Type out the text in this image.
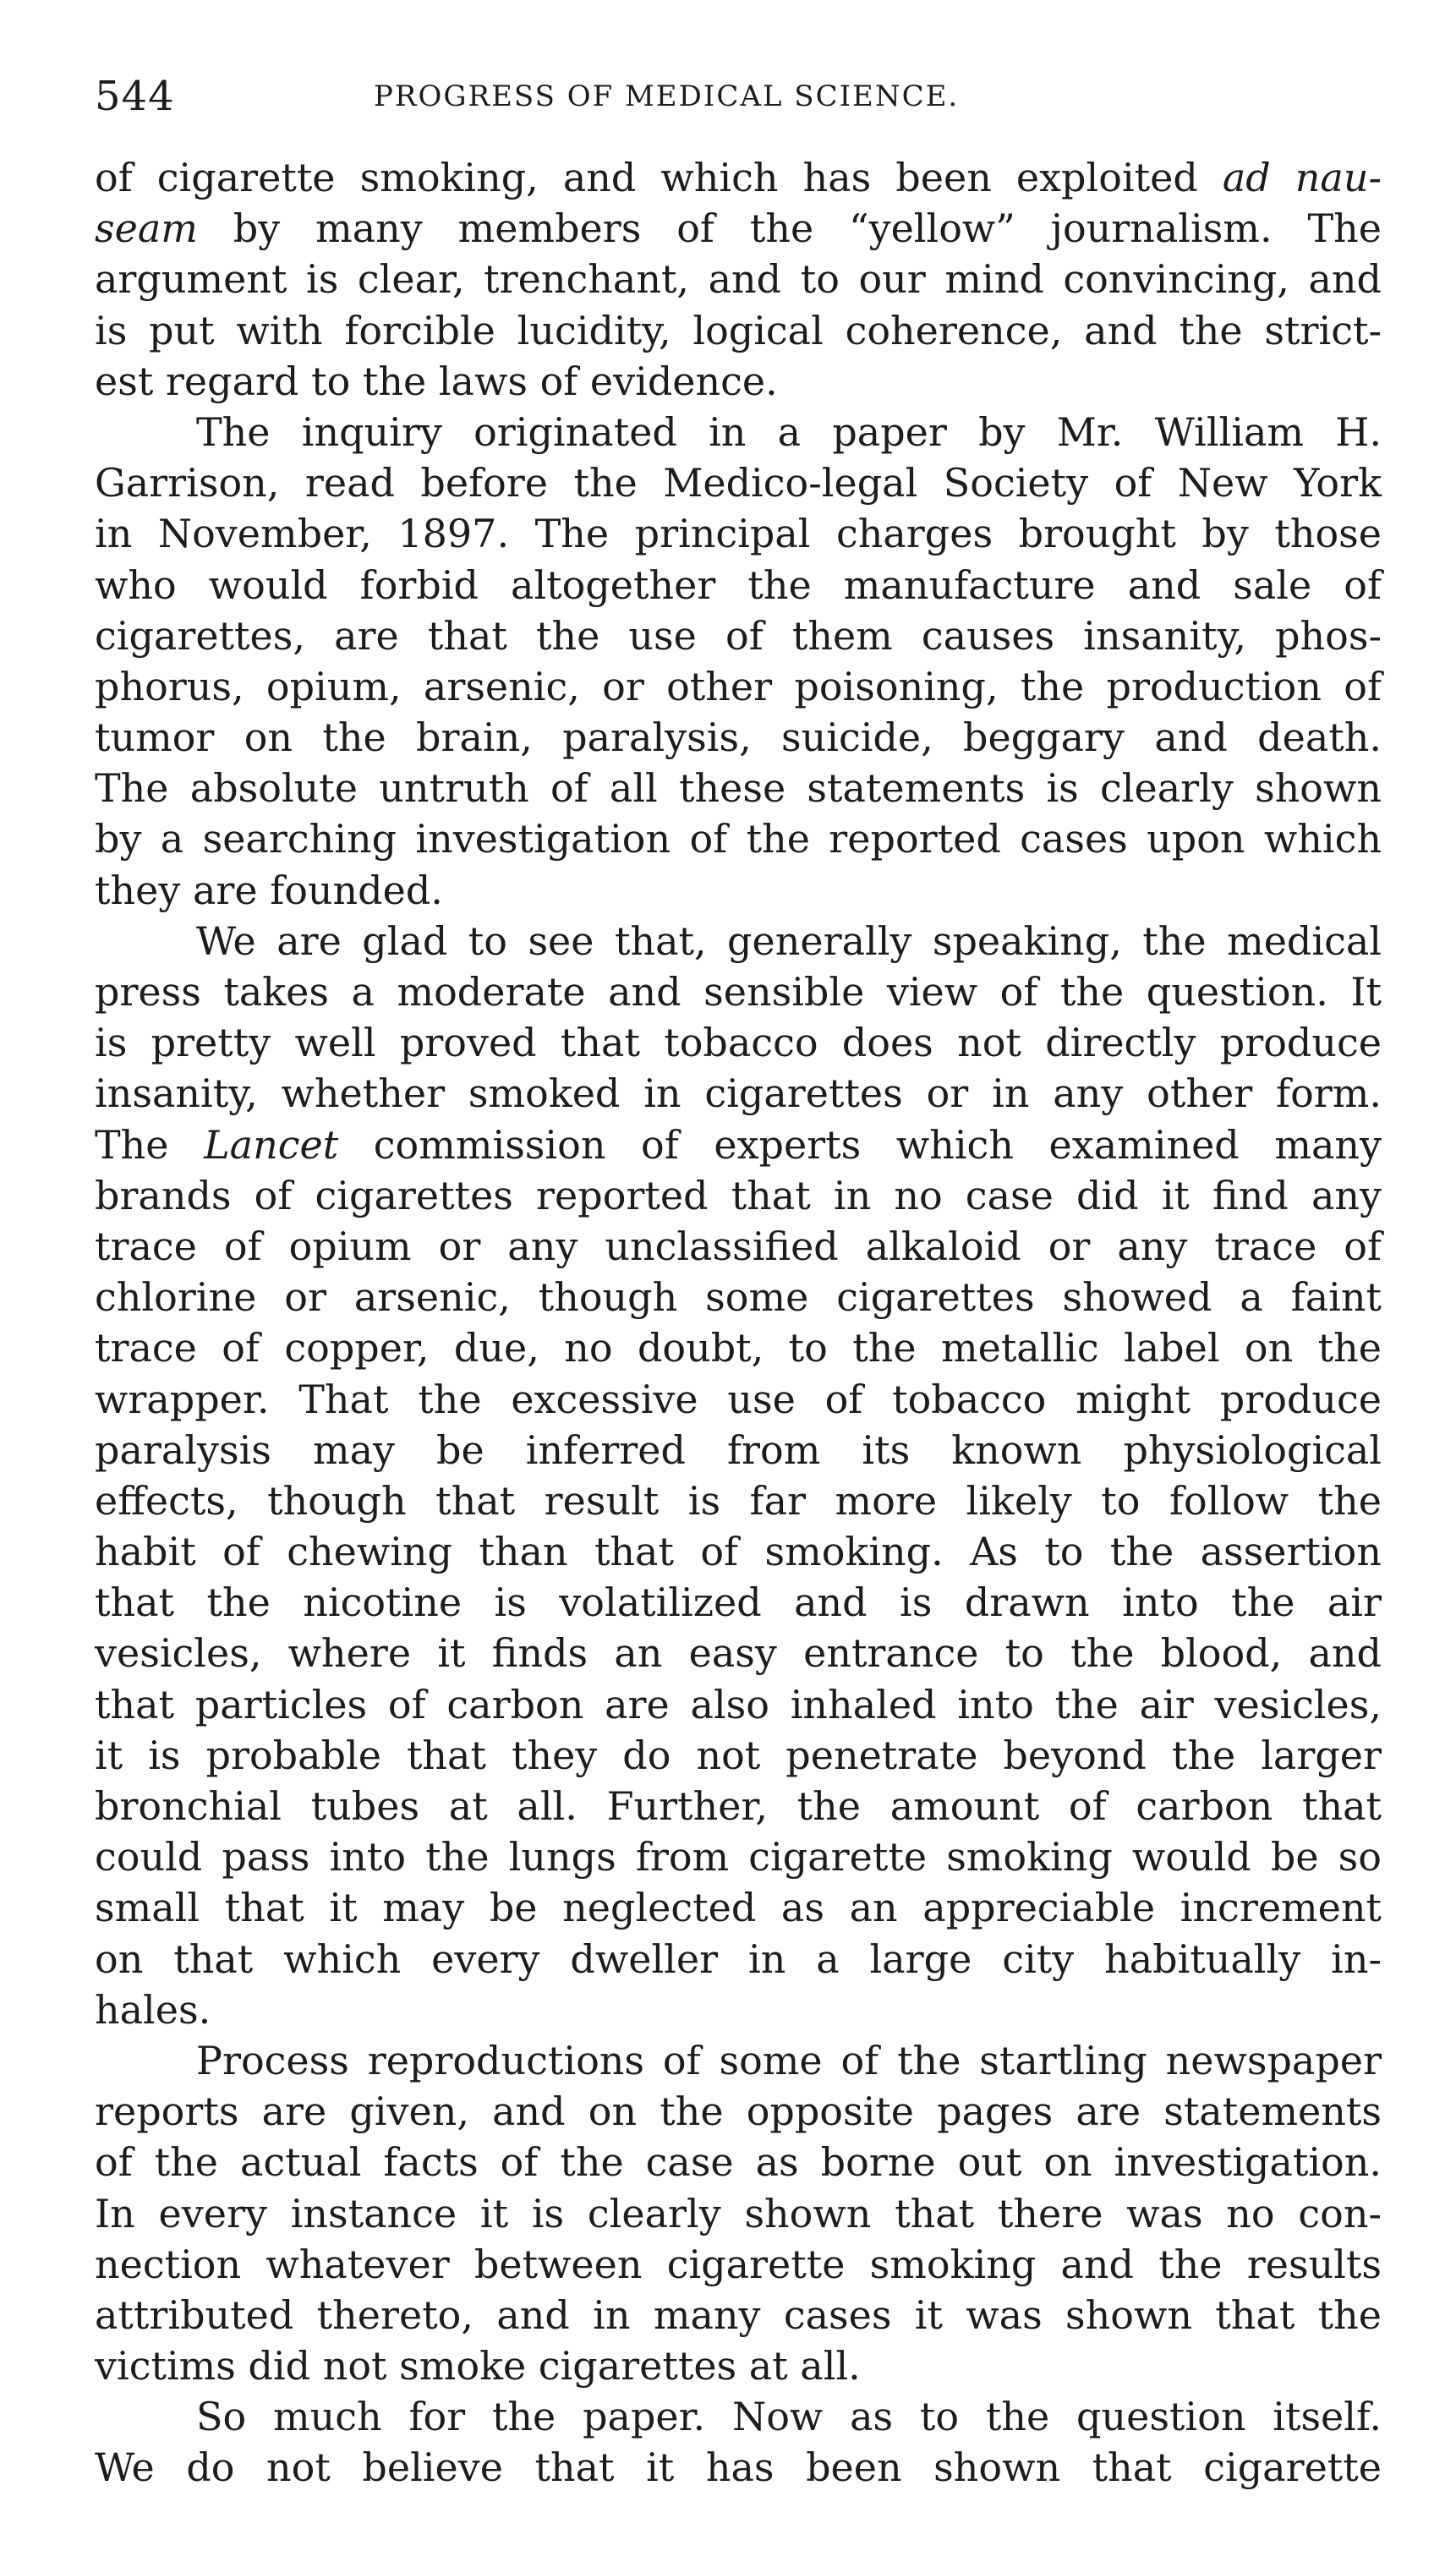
544	PROGRESS OF MEDICAL SCIENCE.
of cigarette smoking, and which has been exploited ad nau-
seam by many members of the “yellow” journalism. The
argument is clear, trenchant, and to our mind convincing, and
is put with forcible lucidity, logical coherence, and the strict-
est regard to the laws of evidence.
The inquiry originated in a paper by Mr. William H.
Garrison, read before the Medico-legal Society of New York
in November, 1897. The principal charges brought by those
who would forbid altogether the manufacture and sale of
cigarettes, are that the use of them causes insanity, phos-
phorus, opium, arsenic, or other poisoning, the production of
tumor on the brain, paralysis, suicide, beggary and death.
The absolute untruth of all these statements is clearly shown
by a searching investigation of the reported cases upon which
they are founded.
We are glad to see that, generally speaking, the medical
press takes a moderate and sensible view of the question. It
is pretty well proved that tobacco does not directly produce
insanity, whether smoked in cigarettes or in any other form.
The Lancet commission of experts which examined many
brands of cigarettes reported that in no case did it find any
trace of opium or any unclassified alkaloid or any trace of
chlorine or arsenic, though some cigarettes showed a faint
trace of copper, due, no doubt, to the metallic label on the
wrapper. That the excessive use of tobacco might produce
paralysis may be inferred from its known physiological
effects, though that result is far more likely to follow the
habit of chewing than that of smoking. As to the assertion
that the nicotine is volatilized and is drawn into the air
vesicles, where it finds an easy entrance to the blood, and
that particles of carbon are also inhaled into the air vesicles,
it is probable that they do not penetrate beyond the larger
bronchial tubes at all. Further, the amount of carbon that
could pass into the lungs from cigarette smoking would be so
small that it may be neglected as an appreciable increment
on that which every dweller in a large city habitually in-
hales.
Process reproductions of some of the startling newspaper
reports are given, and on the opposite pages are statements
of the actual facts of the case as borne out on investigation.
In every instance it is clearly shown that there was no con-
nection whatever between cigarette smoking and the results
attributed thereto, and in many cases it was shown that the
victims did not smoke cigarettes at all.
So much for the paper. Now as to the question itself.
We do not believe that it has been shown that cigarette
